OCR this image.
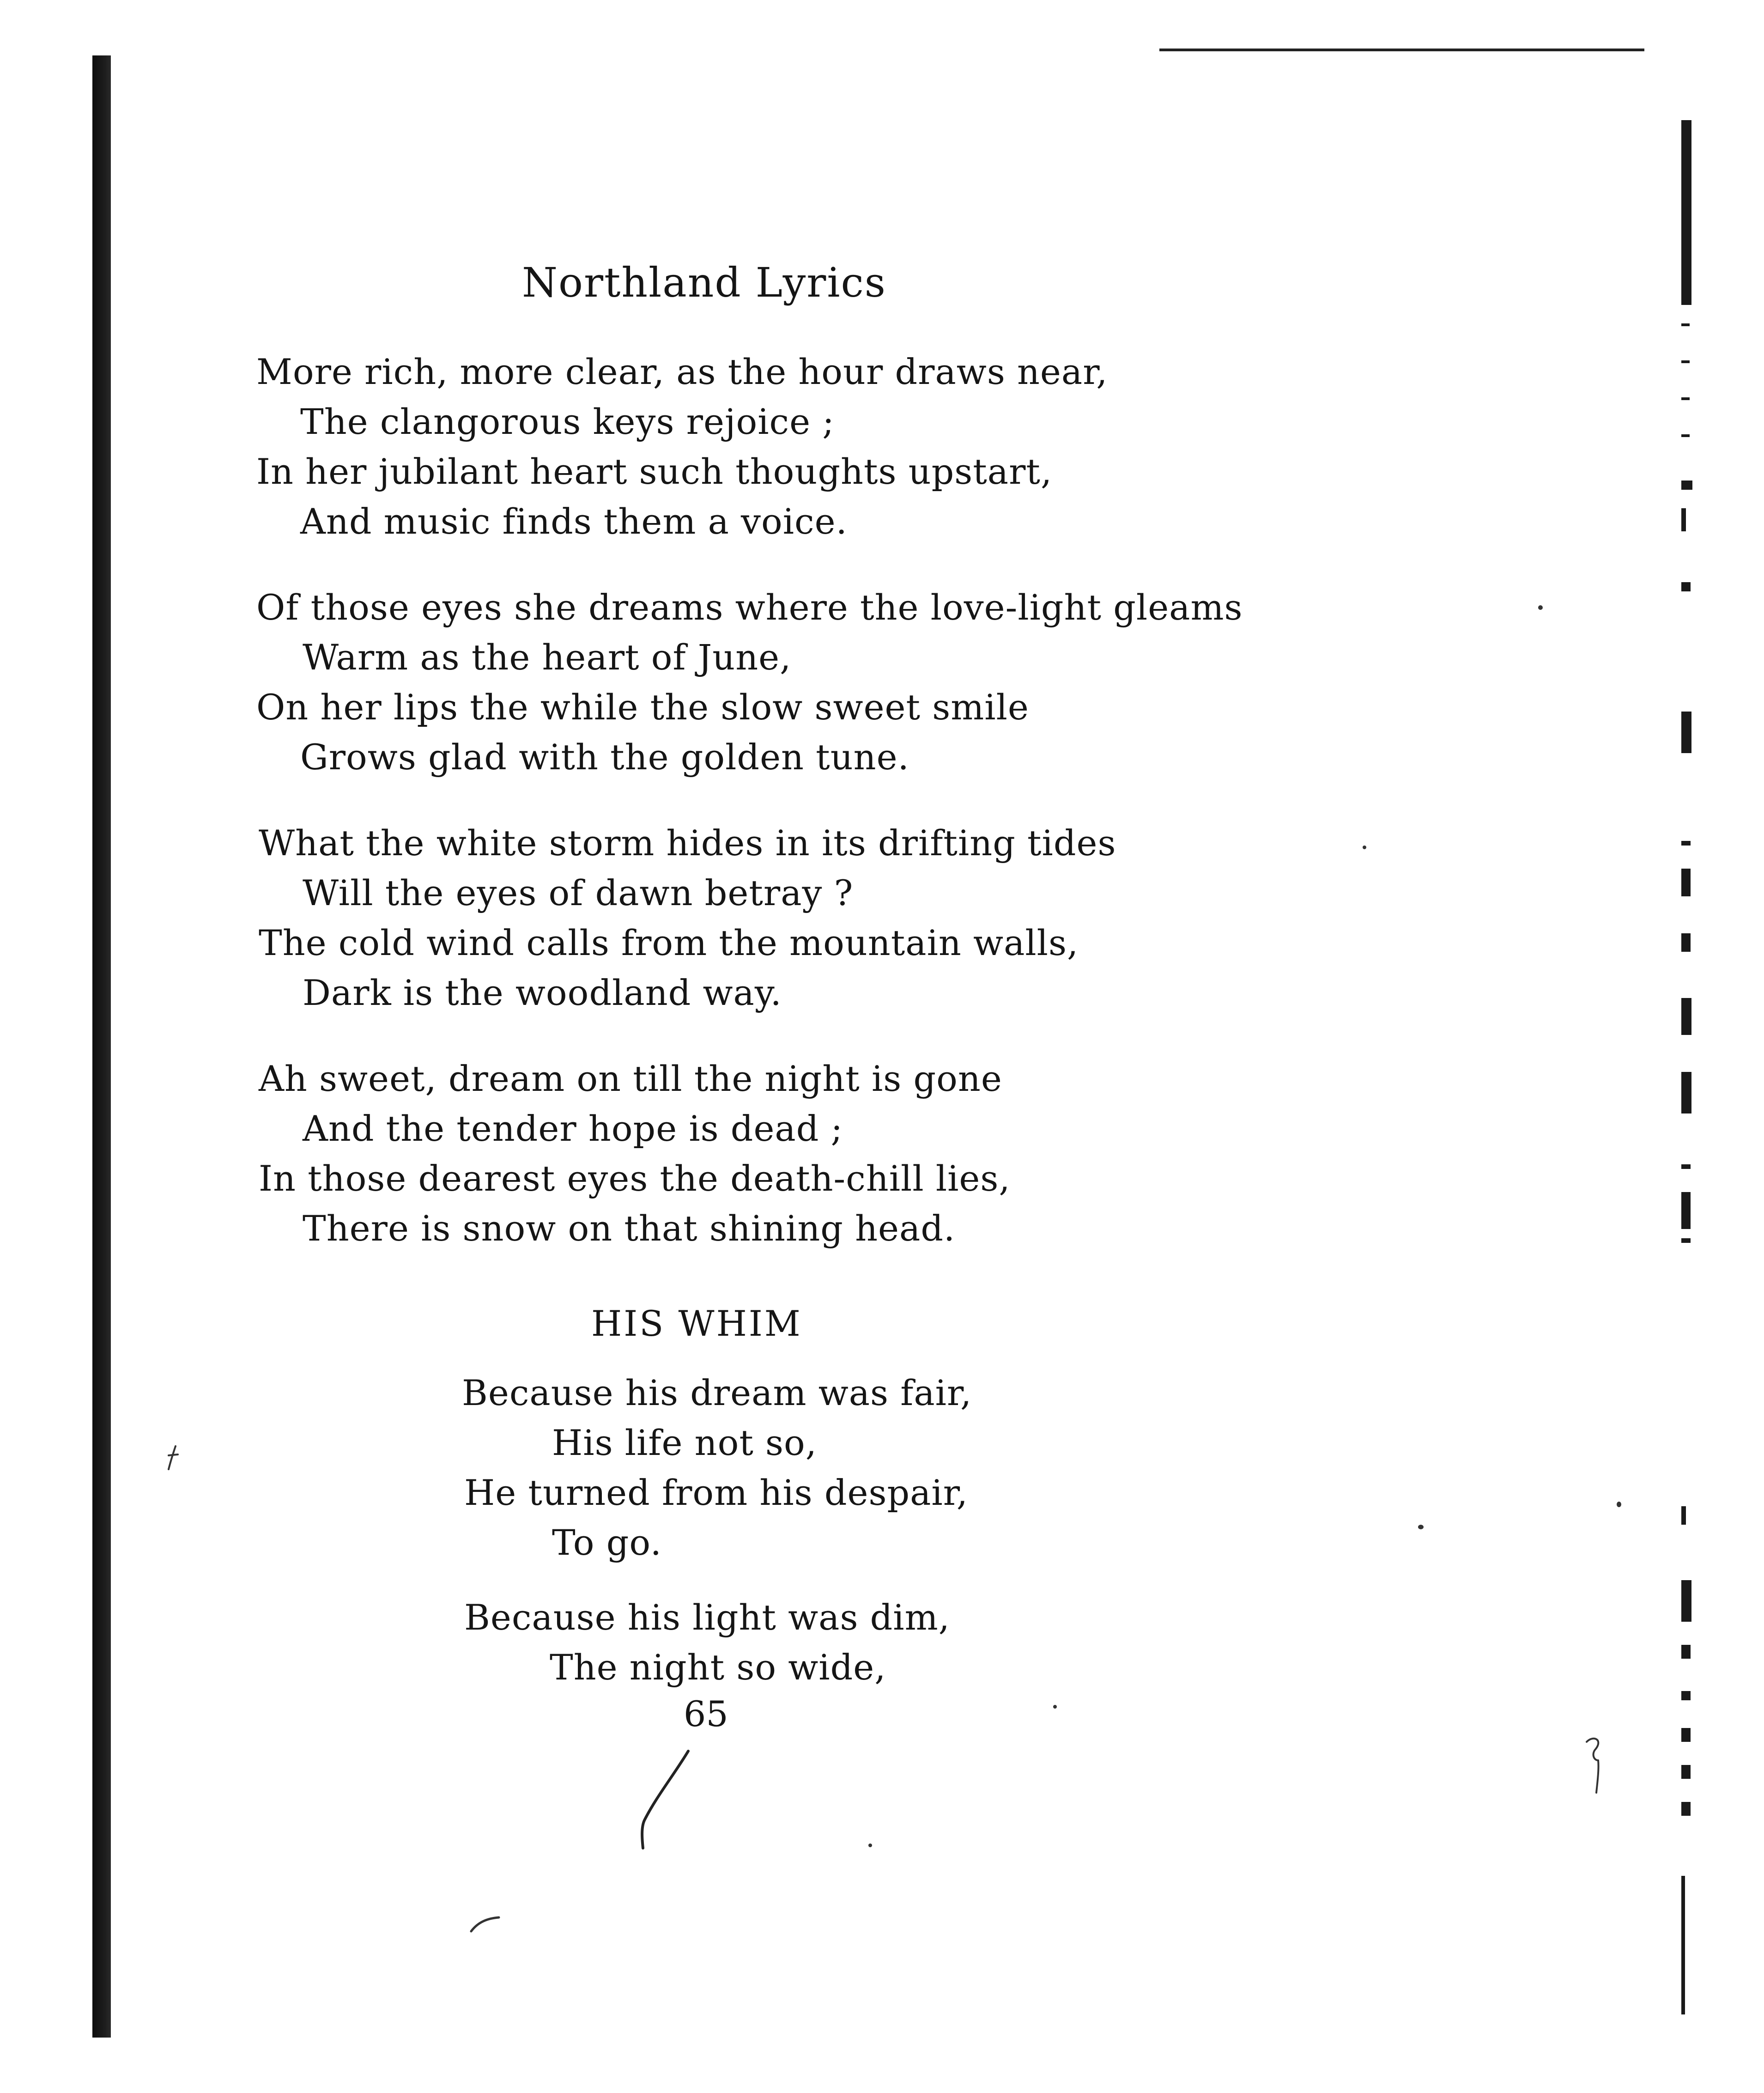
Northland Lyrics
More rich, more clear, as the hour draws near,
The clangorous keys rejoice ;
In her jubilant heart such thoughts upstart,
And music finds them a voice.
Of those eyes she dreams where the love-light gleams
Warm as the heart of June,
On her lips the while the slow sweet smile
Grows glad with the golden tune.
What the white storm hides in its drifting tides
Will the eyes of dawn betray ?
The cold wind calls from the mountain walls,
Dark is the woodland way.
Ah sweet, dream on till the night is gone
And the tender hope is dead ;
In those dearest eyes the death-chill lies,
There is snow on that shining head.
HIS WHIM
Because his dream was fair,
His life not so,
He turned from his despair,
To go.
Because his light was dim,
The night so wide,
65
